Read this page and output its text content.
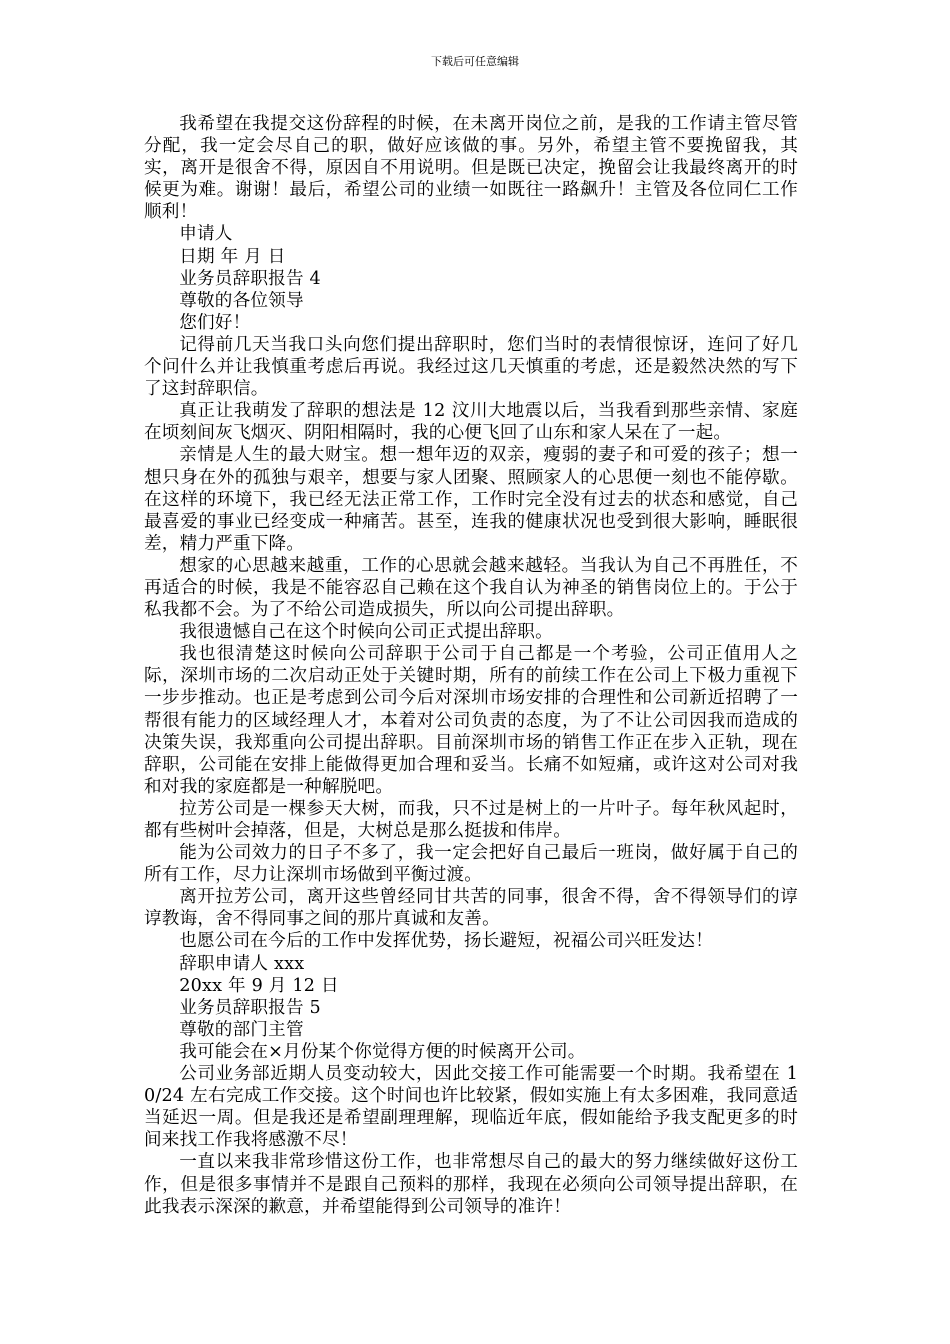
下载后可任意编辑

我希望在我提交这份辞程的时候，在未离开岗位之前，是我的工作请主管尽管分配，我一定会尽自己的职，做好应该做的事。另外，希望主管不要挽留我，其实，离开是很舍不得，原因自不用说明。但是既已决定，挽留会让我最终离开的时候更为难。谢谢！最后，希望公司的业绩一如既往一路飙升！主管及各位同仁工作顺利！

申请人

日期 年 月 日

业务员辞职报告 4

尊敬的各位领导

您们好！

记得前几天当我口头向您们提出辞职时，您们当时的表情很惊讶，连问了好几个问什么并让我慎重考虑后再说。我经过这几天慎重的考虑，还是毅然决然的写下了这封辞职信。

真正让我萌发了辞职的想法是 12 汶川大地震以后，当我看到那些亲情、家庭在顷刻间灰飞烟灭、阴阳相隔时，我的心便飞回了山东和家人呆在了一起。

亲情是人生的最大财宝。想一想年迈的双亲，瘦弱的妻子和可爱的孩子；想一想只身在外的孤独与艰辛，想要与家人团聚、照顾家人的心思便一刻也不能停歇。在这样的环境下，我已经无法正常工作，工作时完全没有过去的状态和感觉，自己最喜爱的事业已经变成一种痛苦。甚至，连我的健康状况也受到很大影响，睡眠很差，精力严重下降。

想家的心思越来越重，工作的心思就会越来越轻。当我认为自己不再胜任，不再适合的时候，我是不能容忍自己赖在这个我自认为神圣的销售岗位上的。于公于私我都不会。为了不给公司造成损失，所以向公司提出辞职。

我很遗憾自己在这个时候向公司正式提出辞职。

我也很清楚这时候向公司辞职于公司于自己都是一个考验，公司正值用人之际，深圳市场的二次启动正处于关键时期，所有的前续工作在公司上下极力重视下一步步推动。也正是考虑到公司今后对深圳市场安排的合理性和公司新近招聘了一帮很有能力的区域经理人才，本着对公司负责的态度，为了不让公司因我而造成的决策失误，我郑重向公司提出辞职。目前深圳市场的销售工作正在步入正轨，现在辞职，公司能在安排上能做得更加合理和妥当。长痛不如短痛，或许这对公司对我和对我的家庭都是一种解脱吧。

拉芳公司是一棵参天大树，而我，只不过是树上的一片叶子。每年秋风起时，都有些树叶会掉落，但是，大树总是那么挺拔和伟岸。

能为公司效力的日子不多了，我一定会把好自己最后一班岗，做好属于自己的所有工作，尽力让深圳市场做到平衡过渡。

离开拉芳公司，离开这些曾经同甘共苦的同事，很舍不得，舍不得领导们的谆谆教诲，舍不得同事之间的那片真诚和友善。

也愿公司在今后的工作中发挥优势，扬长避短，祝福公司兴旺发达！

辞职申请人 xxx

20xx 年 9 月 12 日

业务员辞职报告 5

尊敬的部门主管

我可能会在×月份某个你觉得方便的时候离开公司。

公司业务部近期人员变动较大，因此交接工作可能需要一个时期。我希望在 10/24 左右完成工作交接。这个时间也许比较紧，假如实施上有太多困难，我同意适当延迟一周。但是我还是希望副理理解，现临近年底，假如能给予我支配更多的时间来找工作我将感激不尽！

一直以来我非常珍惜这份工作，也非常想尽自己的最大的努力继续做好这份工作，但是很多事情并不是跟自己预料的那样，我现在必须向公司领导提出辞职，在此我表示深深的歉意，并希望能得到公司领导的准许！
